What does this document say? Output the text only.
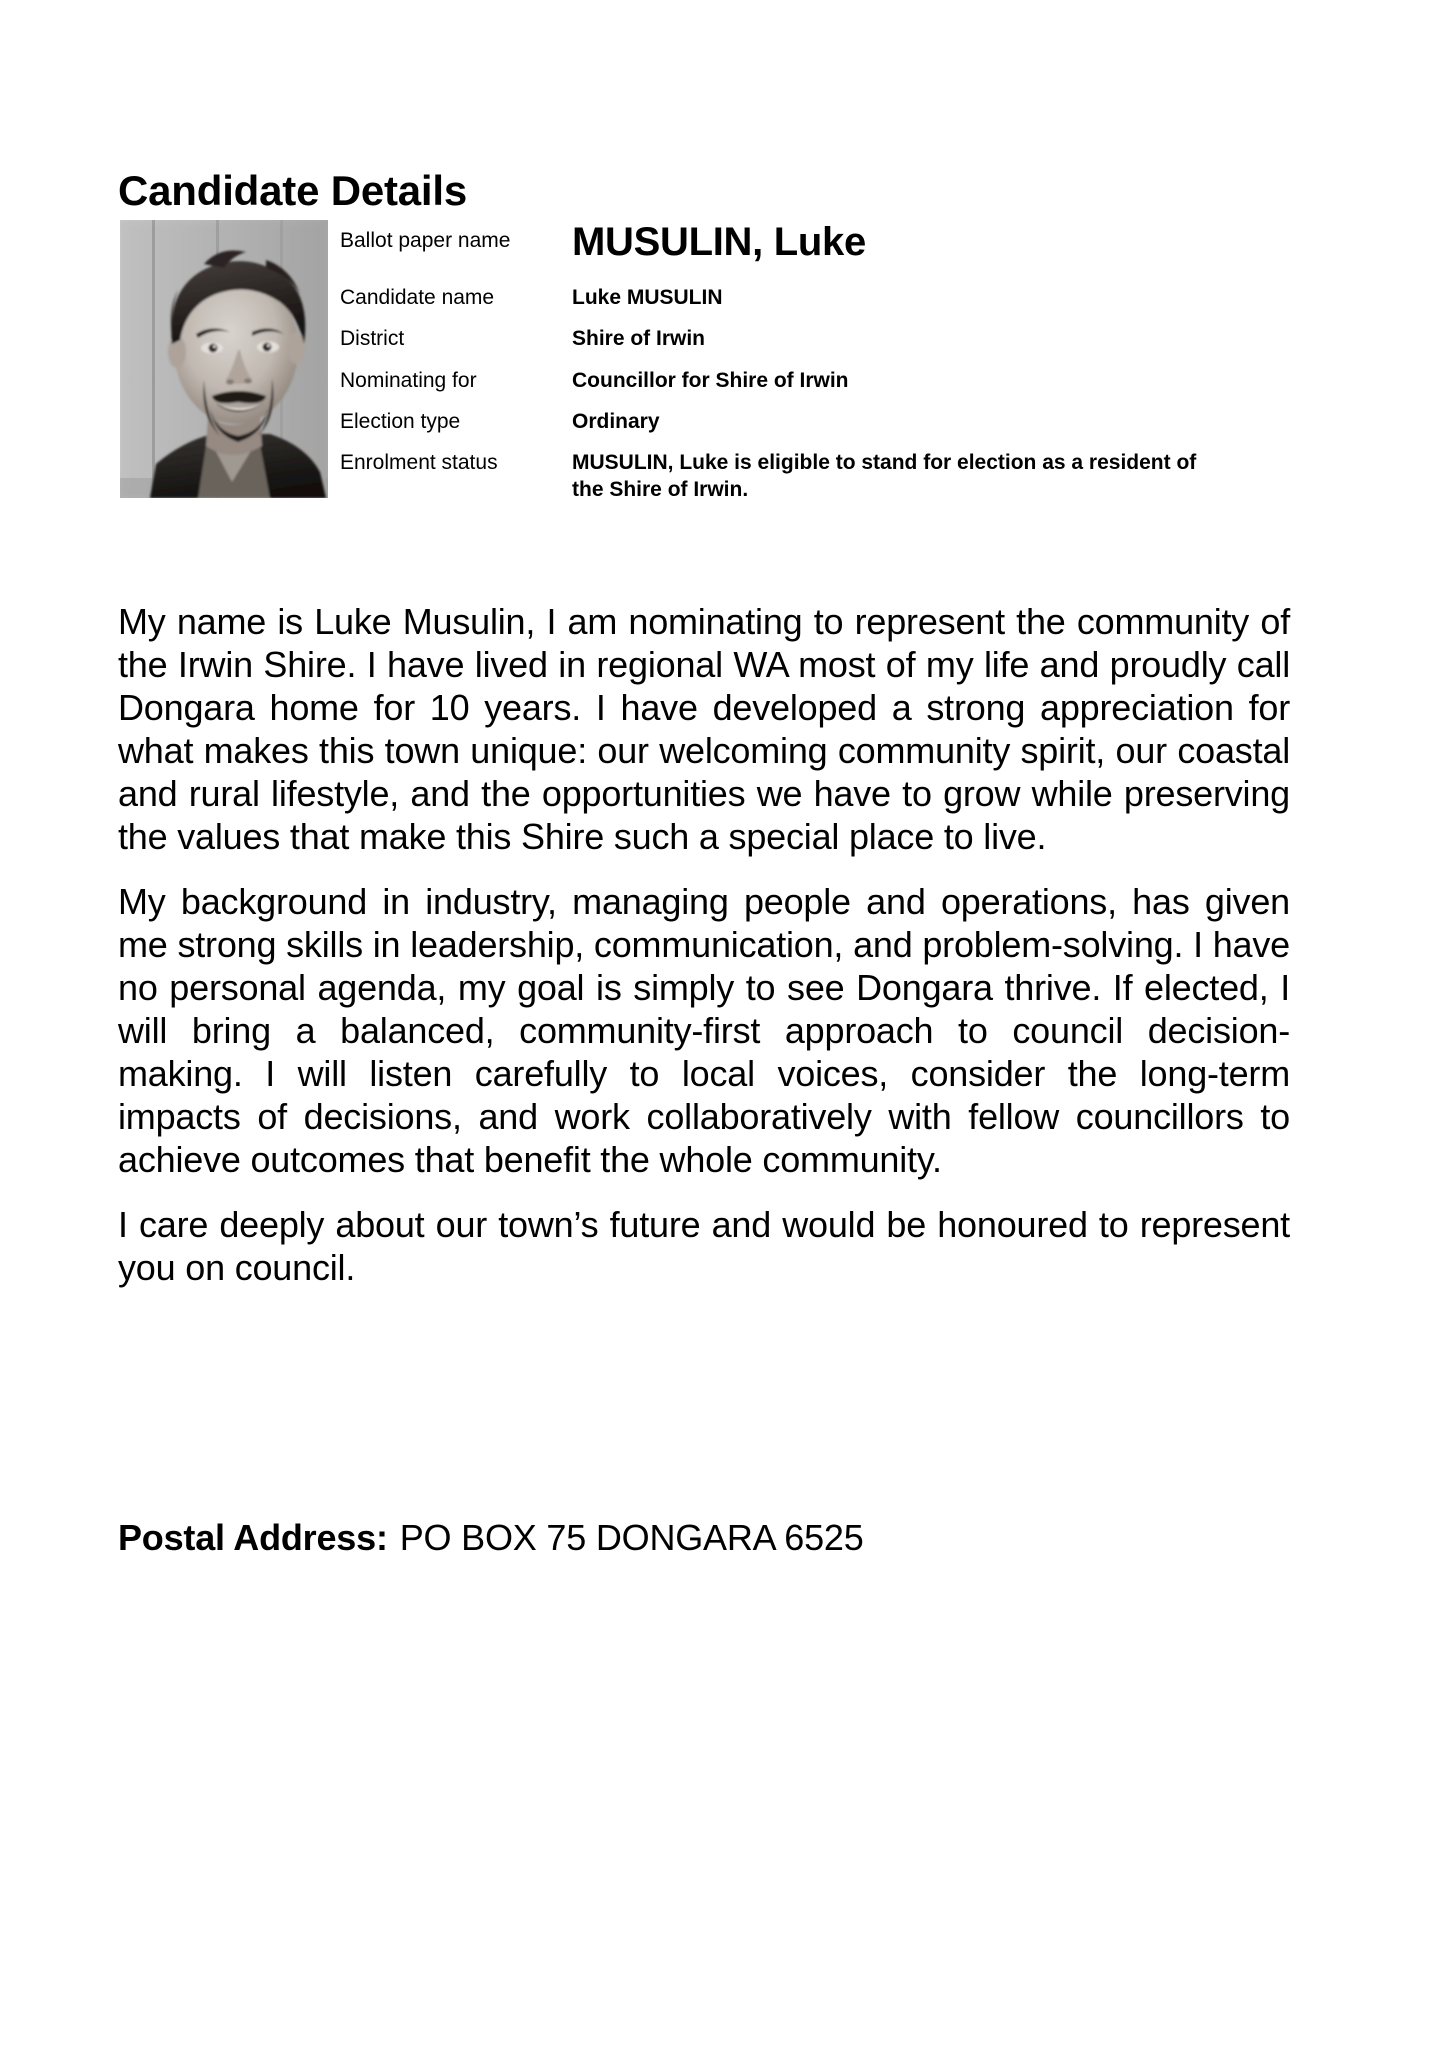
Candidate Details
Ballot paper name	MUSULIN, Luke
Candidate name	Luke MUSULIN
District	Shire of Irwin
Nominating for	Councillor for Shire of Irwin
Election type	Ordinary
Enrolment status	MUSULIN, Luke is eligible to stand for election as a resident of the Shire of Irwin.

My name is Luke Musulin, I am nominating to represent the community of the Irwin Shire. I have lived in regional WA most of my life and proudly call Dongara home for 10 years. I have developed a strong appreciation for what makes this town unique: our welcoming community spirit, our coastal and rural lifestyle, and the opportunities we have to grow while preserving the values that make this Shire such a special place to live.

My background in industry, managing people and operations, has given me strong skills in leadership, communication, and problem-solving. I have no personal agenda, my goal is simply to see Dongara thrive. If elected, I will bring a balanced, community-first approach to council decision-making. I will listen carefully to local voices, consider the long-term impacts of decisions, and work collaboratively with fellow councillors to achieve outcomes that benefit the whole community.

I care deeply about our town’s future and would be honoured to represent you on council.

Postal Address: PO BOX 75 DONGARA 6525
